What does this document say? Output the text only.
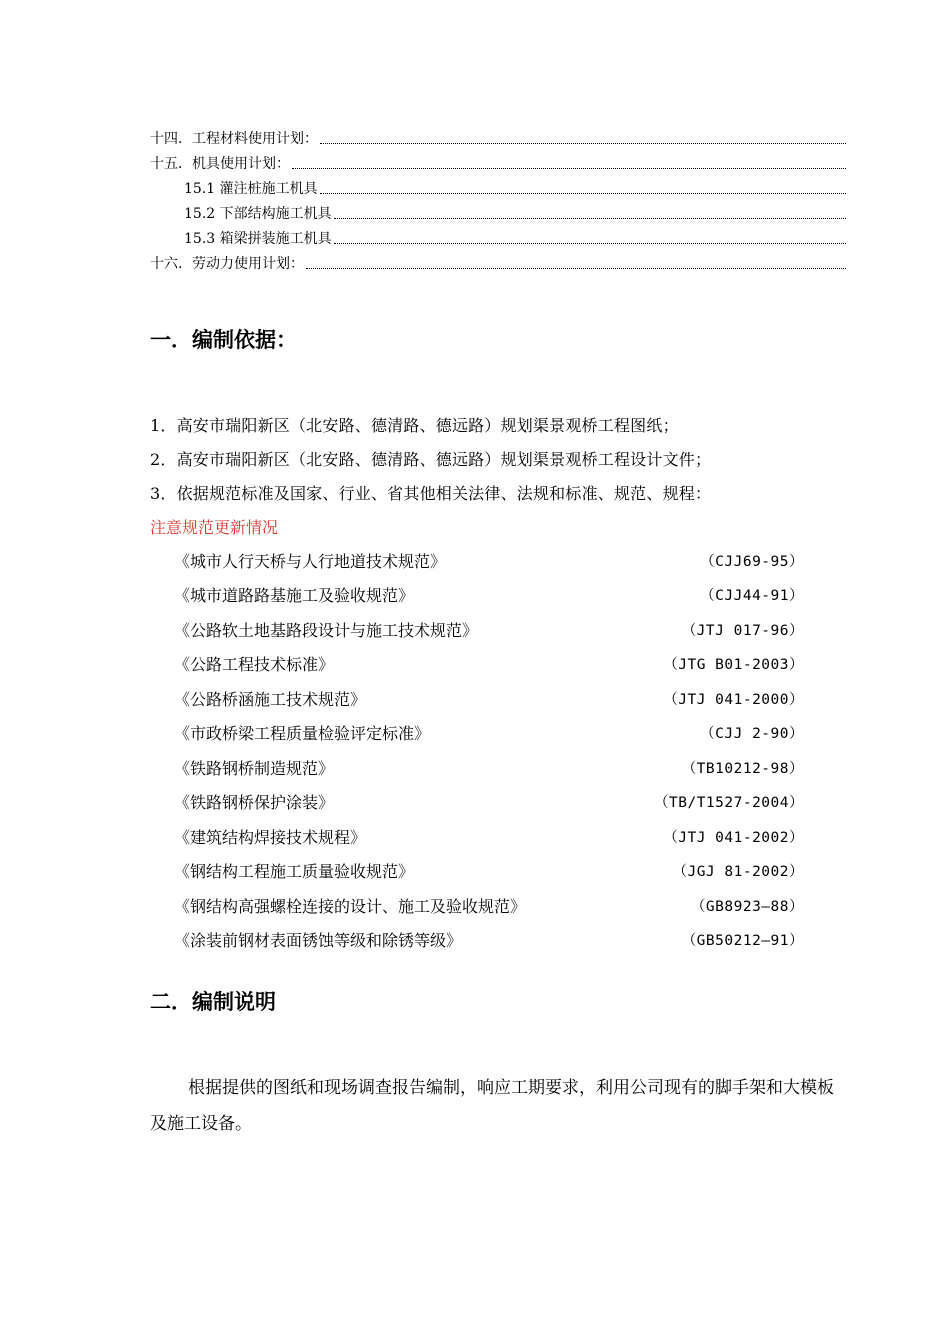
十四．工程材料使用计划：
十五．机具使用计划：
15.1 灌注桩施工机具
15.2 下部结构施工机具
15.3 箱梁拼装施工机具
十六．劳动力使用计划：
一．编制依据：
1．高安市瑞阳新区（北安路、德清路、德远路）规划渠景观桥工程图纸；
2．高安市瑞阳新区（北安路、德清路、德远路）规划渠景观桥工程设计文件；
3．依据规范标准及国家、行业、省其他相关法律、法规和标准、规范、规程：
注意规范更新情况
《城市人行天桥与人行地道技术规范》	（CJJ69-95）
《城市道路路基施工及验收规范》	（CJJ44-91）
《公路软土地基路段设计与施工技术规范》	（JTJ 017-96）
《公路工程技术标准》	（JTG B01-2003）
《公路桥涵施工技术规范》	（JTJ 041-2000）
《市政桥梁工程质量检验评定标准》	（CJJ 2-90）
《铁路钢桥制造规范》	（TB10212-98）
《铁路钢桥保护涂装》	（TB/T1527-2004）
《建筑结构焊接技术规程》	（JTJ 041-2002）
《钢结构工程施工质量验收规范》	（JGJ 81-2002）
《钢结构高强螺栓连接的设计、施工及验收规范》	（GB8923—88）
《涂装前钢材表面锈蚀等级和除锈等级》	（GB50212—91）
二．编制说明

根据提供的图纸和现场调查报告编制，响应工期要求，利用公司现有的脚手架和大模板及施工设备。
